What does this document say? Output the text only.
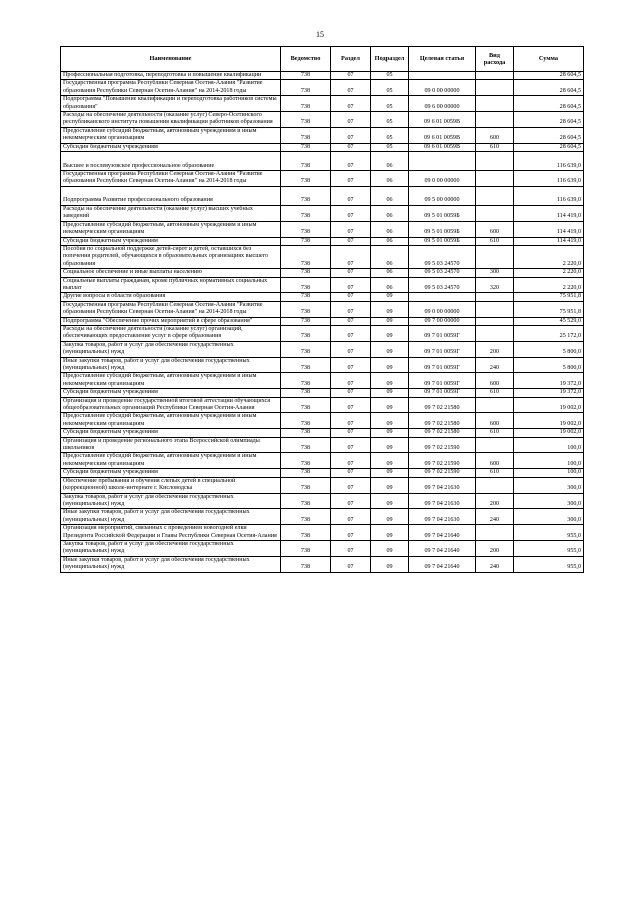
15
Наименование	Ведомство	Раздел	Подраздел	Целевая статья	Вид расхода	Сумма
Профессиональная подготовка, переподготовка и повышение квалификации	738	07	05			28 604,5
Государственная программа Республики Северная Осетия-Алания "Развитие образования Республики Северная Осетия-Алания" на 2014-2018 годы	738	07	05	09 0 00 00000		28 604,5
Подпрограмма "Повышение квалификации и переподготовка работников системы образования"	738	07	05	09 6 00 00000		28 604,5
Расходы на обеспечение деятельности (оказание услуг) Северо-Осетинского республиканского института повышения квалификации работников образования	738	07	05	09 6 01 0059В		28 604,5
Предоставление субсидий бюджетным, автономным учреждениям и иным некоммерческим организациям	738	07	05	09 6 01 0059В	600	28 604,5
Субсидии бюджетным учреждениям	738	07	05	09 6 01 0059В	610	28 604,5
Высшее и послевузовское профессиональное образование	738	07	06			116 639,0
Государственная программа Республики Северная Осетия-Алания "Развитие образования Республики Северная Осетия-Алания" на 2014-2018 годы	738	07	06	09 0 00 00000		116 639,0
Подпрограмма Развитие профессионального образования	738	07	06	09 5 00 00000		116 639,0
Расходы на обеспечение деятельности (оказание услуг) высших учебных заведений	738	07	06	09 5 01 0059Б		114 419,0
Предоставление субсидий бюджетным, автономным учреждениям и иным некоммерческим организациям	738	07	06	09 5 01 0059Б	600	114 419,0
Субсидии бюджетным учреждениям	738	07	06	09 5 01 0059Б	610	114 419,0
Пособия по социальной поддержке детей-сирот и детей, оставшихся без попечения родителей, обучающихся в образовательных организациях высшего образования	738	07	06	09 5 03 24570		2 220,0
Социальное обеспечение и иные выплаты населению	738	07	06	09 5 03 24570	300	2 220,0
Социальные выплаты гражданам, кроме публичных нормативных социальных выплат	738	07	06	09 5 03 24570	320	2 220,0
Другие вопросы в области образования	738	07	09			75 951,8
Государственная программа Республики Северная Осетия-Алания "Развитие образования Республики Северная Осетия-Алания" на 2014-2018 годы	738	07	09	09 0 00 00000		75 951,8
Подпрограмма "Обеспечение прочих мероприятий в сфере образования"	738	07	09	09 7 00 00000		45 529,0
Расходы на обеспечение деятельности (оказание услуг) организаций, обеспечивающих предоставление услуг в сфере образования	738	07	09	09 7 01 0059Г		25 172,0
Закупка товаров, работ и услуг для обеспечения государственных (муниципальных) нужд	738	07	09	09 7 01 0059Г	200	5 800,0
Иные закупки товаров, работ и услуг для обеспечения государственных (муниципальных) нужд	738	07	09	09 7 01 0059Г	240	5 800,0
Предоставление субсидий бюджетным, автономным учреждениям и иным некоммерческим организациям	738	07	09	09 7 01 0059Г	600	19 372,0
Субсидии бюджетным учреждениям	738	07	09	09 7 01 0059Г	610	19 372,0
Организация и проведение государственной итоговой аттестации обучающихся общеобразовательных организаций Республики Северная Осетия-Алания	738	07	09	09 7 02 21580		19 002,0
Предоставление субсидий бюджетным, автономным учреждениям и иным некоммерческим организациям	738	07	09	09 7 02 21580	600	19 002,0
Субсидии бюджетным учреждениям	738	07	09	09 7 02 21580	610	19 002,0
Организация и проведение регионального этапа Всероссийской олимпиады школьников	738	07	09	09 7 02 21590		100,0
Предоставление субсидий бюджетным, автономным учреждениям и иным некоммерческим организациям	738	07	09	09 7 02 21590	600	100,0
Субсидии бюджетным учреждениям	738	07	09	09 7 02 21590	610	100,0
Обеспечение пребывания и обучения слепых детей в специальной (коррекционной) школе-интернате г. Кисловодска	738	07	09	09 7 04 21630		300,0
Закупка товаров, работ и услуг для обеспечения государственных (муниципальных) нужд	738	07	09	09 7 04 21630	200	300,0
Иные закупки товаров, работ и услуг для обеспечения государственных (муниципальных) нужд	738	07	09	09 7 04 21630	240	300,0
Организация мероприятий, связанных с проведением новогодней елки Президента Российской Федерации и Главы Республики Северная Осетия-Алания	738	07	09	09 7 04 21640		955,0
Закупка товаров, работ и услуг для обеспечения государственных (муниципальных) нужд	738	07	09	09 7 04 21640	200	955,0
Иные закупки товаров, работ и услуг для обеспечения государственных (муниципальных) нужд	738	07	09	09 7 04 21640	240	955,0
